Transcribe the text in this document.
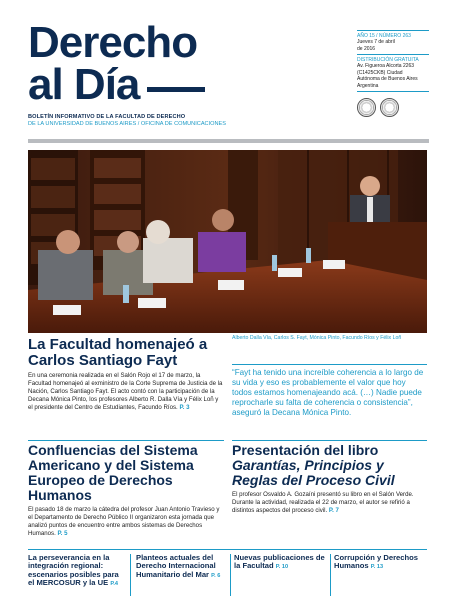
Derecho
al Día
BOLETÍN INFORMATIVO DE LA FACULTAD DE DERECHO
DE LA UNIVERSIDAD DE BUENOS AIRES / OFICINA DE COMUNICACIONES
AÑO 15 / NÚMERO 263
Jueves 7 de abril
de 2016
DISTRIBUCIÓN GRATUITA
Av. Figueroa Alcorta 2263
(C1425CKB) Ciudad
Autónoma de Buenos Aires
Argentina
Alberto Dalla Vía, Carlos S. Fayt, Mónica Pinto, Facundo Ríos y Félix Loñ
La Facultad homenajeó a
Carlos Santiago Fayt
En una ceremonia realizada en el Salón Rojo el 17 de marzo, la Facultad homenajeó al exministro de la Corte Suprema de Justicia de la Nación, Carlos Santiago Fayt. El acto contó con la participación de la Decana Mónica Pinto, los profesores Alberto R. Dalla Vía y Félix Loñ y el presidente del Centro de Estudiantes, Facundo Ríos. P. 3
“Fayt ha tenido una increíble coherencia a lo largo de su vida y eso es probablemente el valor que hoy todos estamos homenajeando acá. (…) Nadie puede reprocharle su falta de coherencia o consistencia”, aseguró la Decana Mónica Pinto.
Confluencias del Sistema Americano y del Sistema Europeo de Derechos Humanos
El pasado 18 de marzo la cátedra del profesor Juan Antonio Travieso y el Departamento de Derecho Público II organizaron esta jornada que analizó puntos de encuentro entre ambos sistemas de Derechos Humanos. P. 5
Presentación del libro
Garantías, Principios y Reglas del Proceso Civil
El profesor Osvaldo A. Gozaíni presentó su libro en el Salón Verde. Durante la actividad, realizada el 22 de marzo, el autor se refirió a distintos aspectos del proceso civil. P. 7
La perseverancia en la integración regional: escenarios posibles para el MERCOSUR y la UE P.4
Planteos actuales del Derecho Internacional Humanitario del Mar P. 6
Nuevas publicaciones de la Facultad P. 10
Corrupción y Derechos Humanos P. 13
